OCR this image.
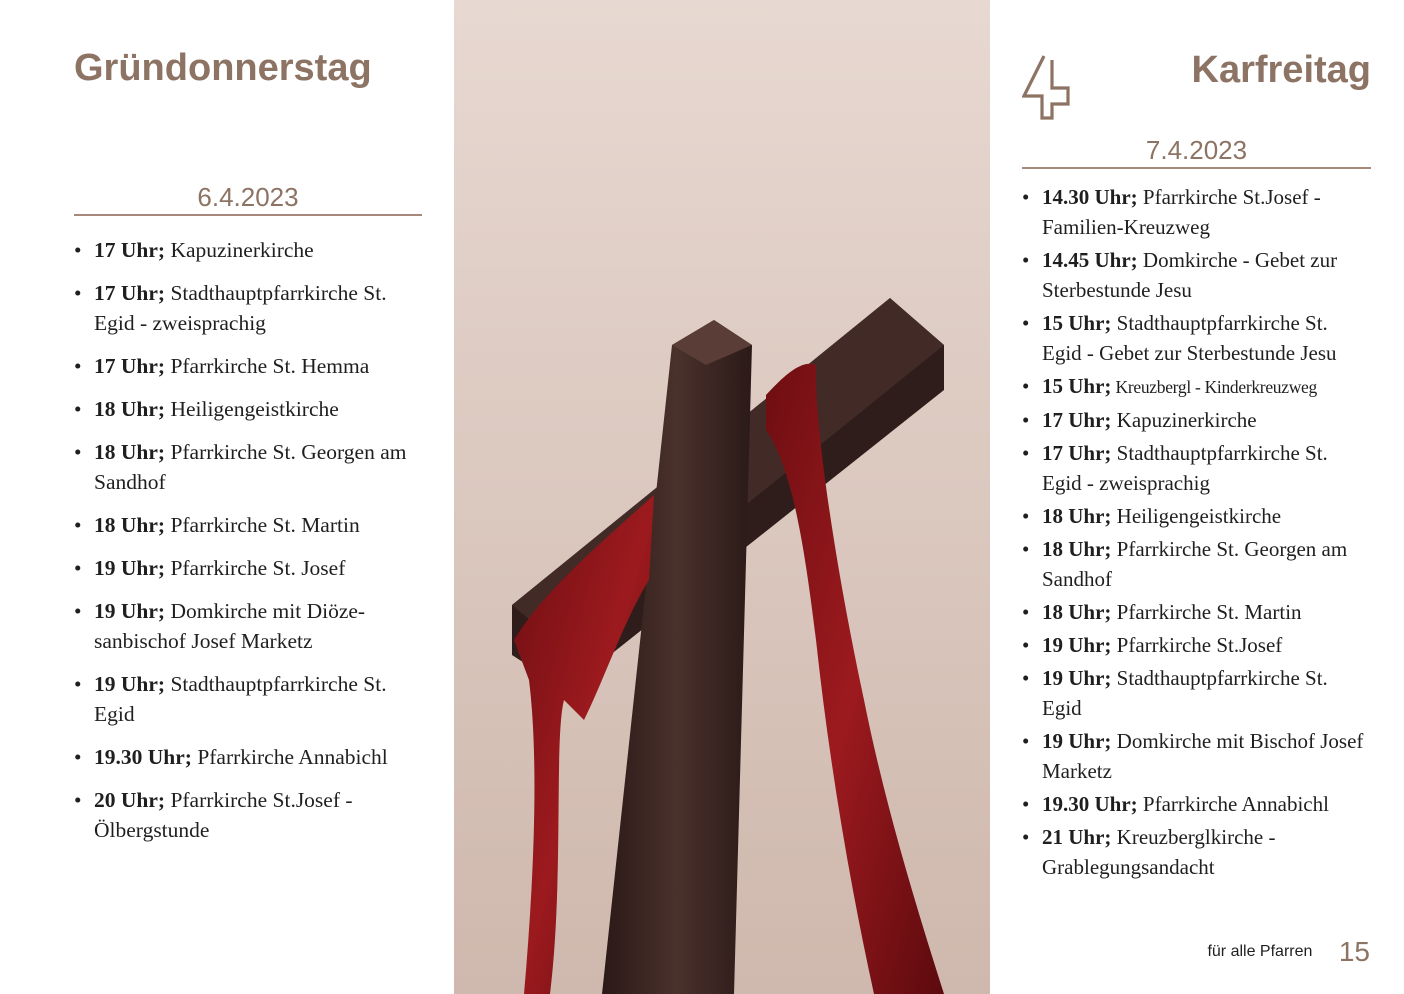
Gründonnerstag
6.4.2023
• 17 Uhr; Kapuzinerkirche
• 17 Uhr; Stadthauptpfarrkirche St. Egid - zweisprachig
• 17 Uhr; Pfarrkirche St. Hemma
• 18 Uhr; Heiligengeistkirche
• 18 Uhr; Pfarrkirche St. Georgen am Sandhof
• 18 Uhr; Pfarrkirche St. Martin
• 19 Uhr; Pfarrkirche St. Josef
• 19 Uhr; Domkirche mit Diöze-sanbischof Josef Marketz
• 19 Uhr; Stadthauptpfarrkirche St. Egid
• 19.30 Uhr; Pfarrkirche Annabichl
• 20 Uhr; Pfarrkirche St.Josef - Ölbergstunde
Karfreitag
7.4.2023
• 14.30 Uhr; Pfarrkirche St.Josef - Familien-Kreuzweg
• 14.45 Uhr; Domkirche - Gebet zur Sterbestunde Jesu
• 15 Uhr; Stadthauptpfarrkirche St. Egid - Gebet zur Sterbestunde Jesu
• 15 Uhr; Kreuzbergl - Kinderkreuzweg
• 17 Uhr; Kapuzinerkirche
• 17 Uhr; Stadthauptpfarrkirche St. Egid - zweisprachig
• 18 Uhr; Heiligengeistkirche
• 18 Uhr; Pfarrkirche St. Georgen am Sandhof
• 18 Uhr; Pfarrkirche St. Martin
• 19 Uhr; Pfarrkirche St.Josef
• 19 Uhr; Stadthauptpfarrkirche St. Egid
• 19 Uhr; Domkirche mit Bischof Josef Marketz
• 19.30 Uhr; Pfarrkirche Annabichl
• 21 Uhr; Kreuzberglkirche - Grablegungsandacht
für alle Pfarren 15
